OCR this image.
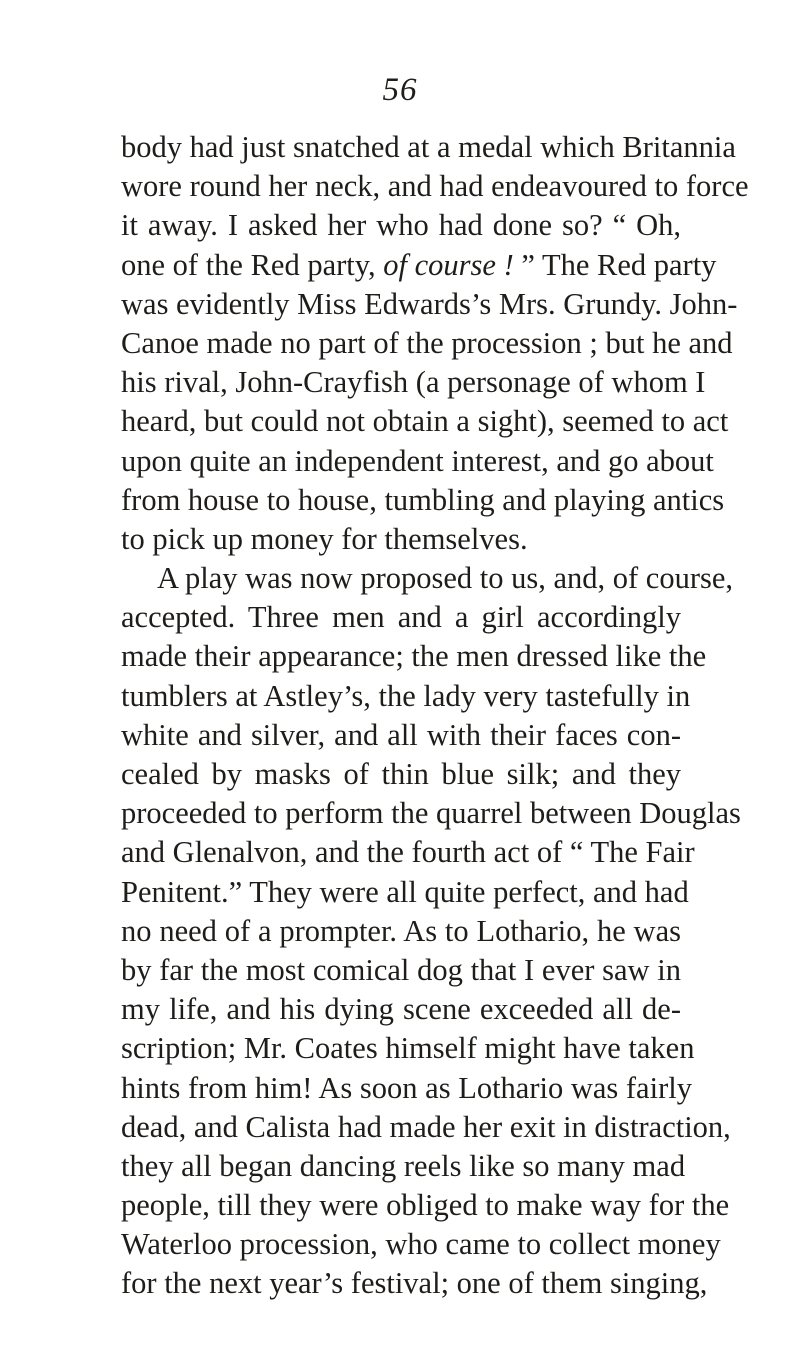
56
body had just snatched at a medal which Britannia
wore round her neck, and had endeavoured to force
it away. I asked her who had done so? “ Oh,
one of the Red party, of course ! ” The Red party
was evidently Miss Edwards’s Mrs. Grundy. John-
Canoe made no part of the procession ; but he and
his rival, John-Crayfish (a personage of whom I
heard, but could not obtain a sight), seemed to act
upon quite an independent interest, and go about
from house to house, tumbling and playing antics
to pick up money for themselves.
A play was now proposed to us, and, of course,
accepted. Three men and a girl accordingly
made their appearance; the men dressed like the
tumblers at Astley’s, the lady very tastefully in
white and silver, and all with their faces con-
cealed by masks of thin blue silk; and they
proceeded to perform the quarrel between Douglas
and Glenalvon, and the fourth act of “ The Fair
Penitent.” They were all quite perfect, and had
no need of a prompter. As to Lothario, he was
by far the most comical dog that I ever saw in
my life, and his dying scene exceeded all de-
scription; Mr. Coates himself might have taken
hints from him! As soon as Lothario was fairly
dead, and Calista had made her exit in distraction,
they all began dancing reels like so many mad
people, till they were obliged to make way for the
Waterloo procession, who came to collect money
for the next year’s festival; one of them singing,
